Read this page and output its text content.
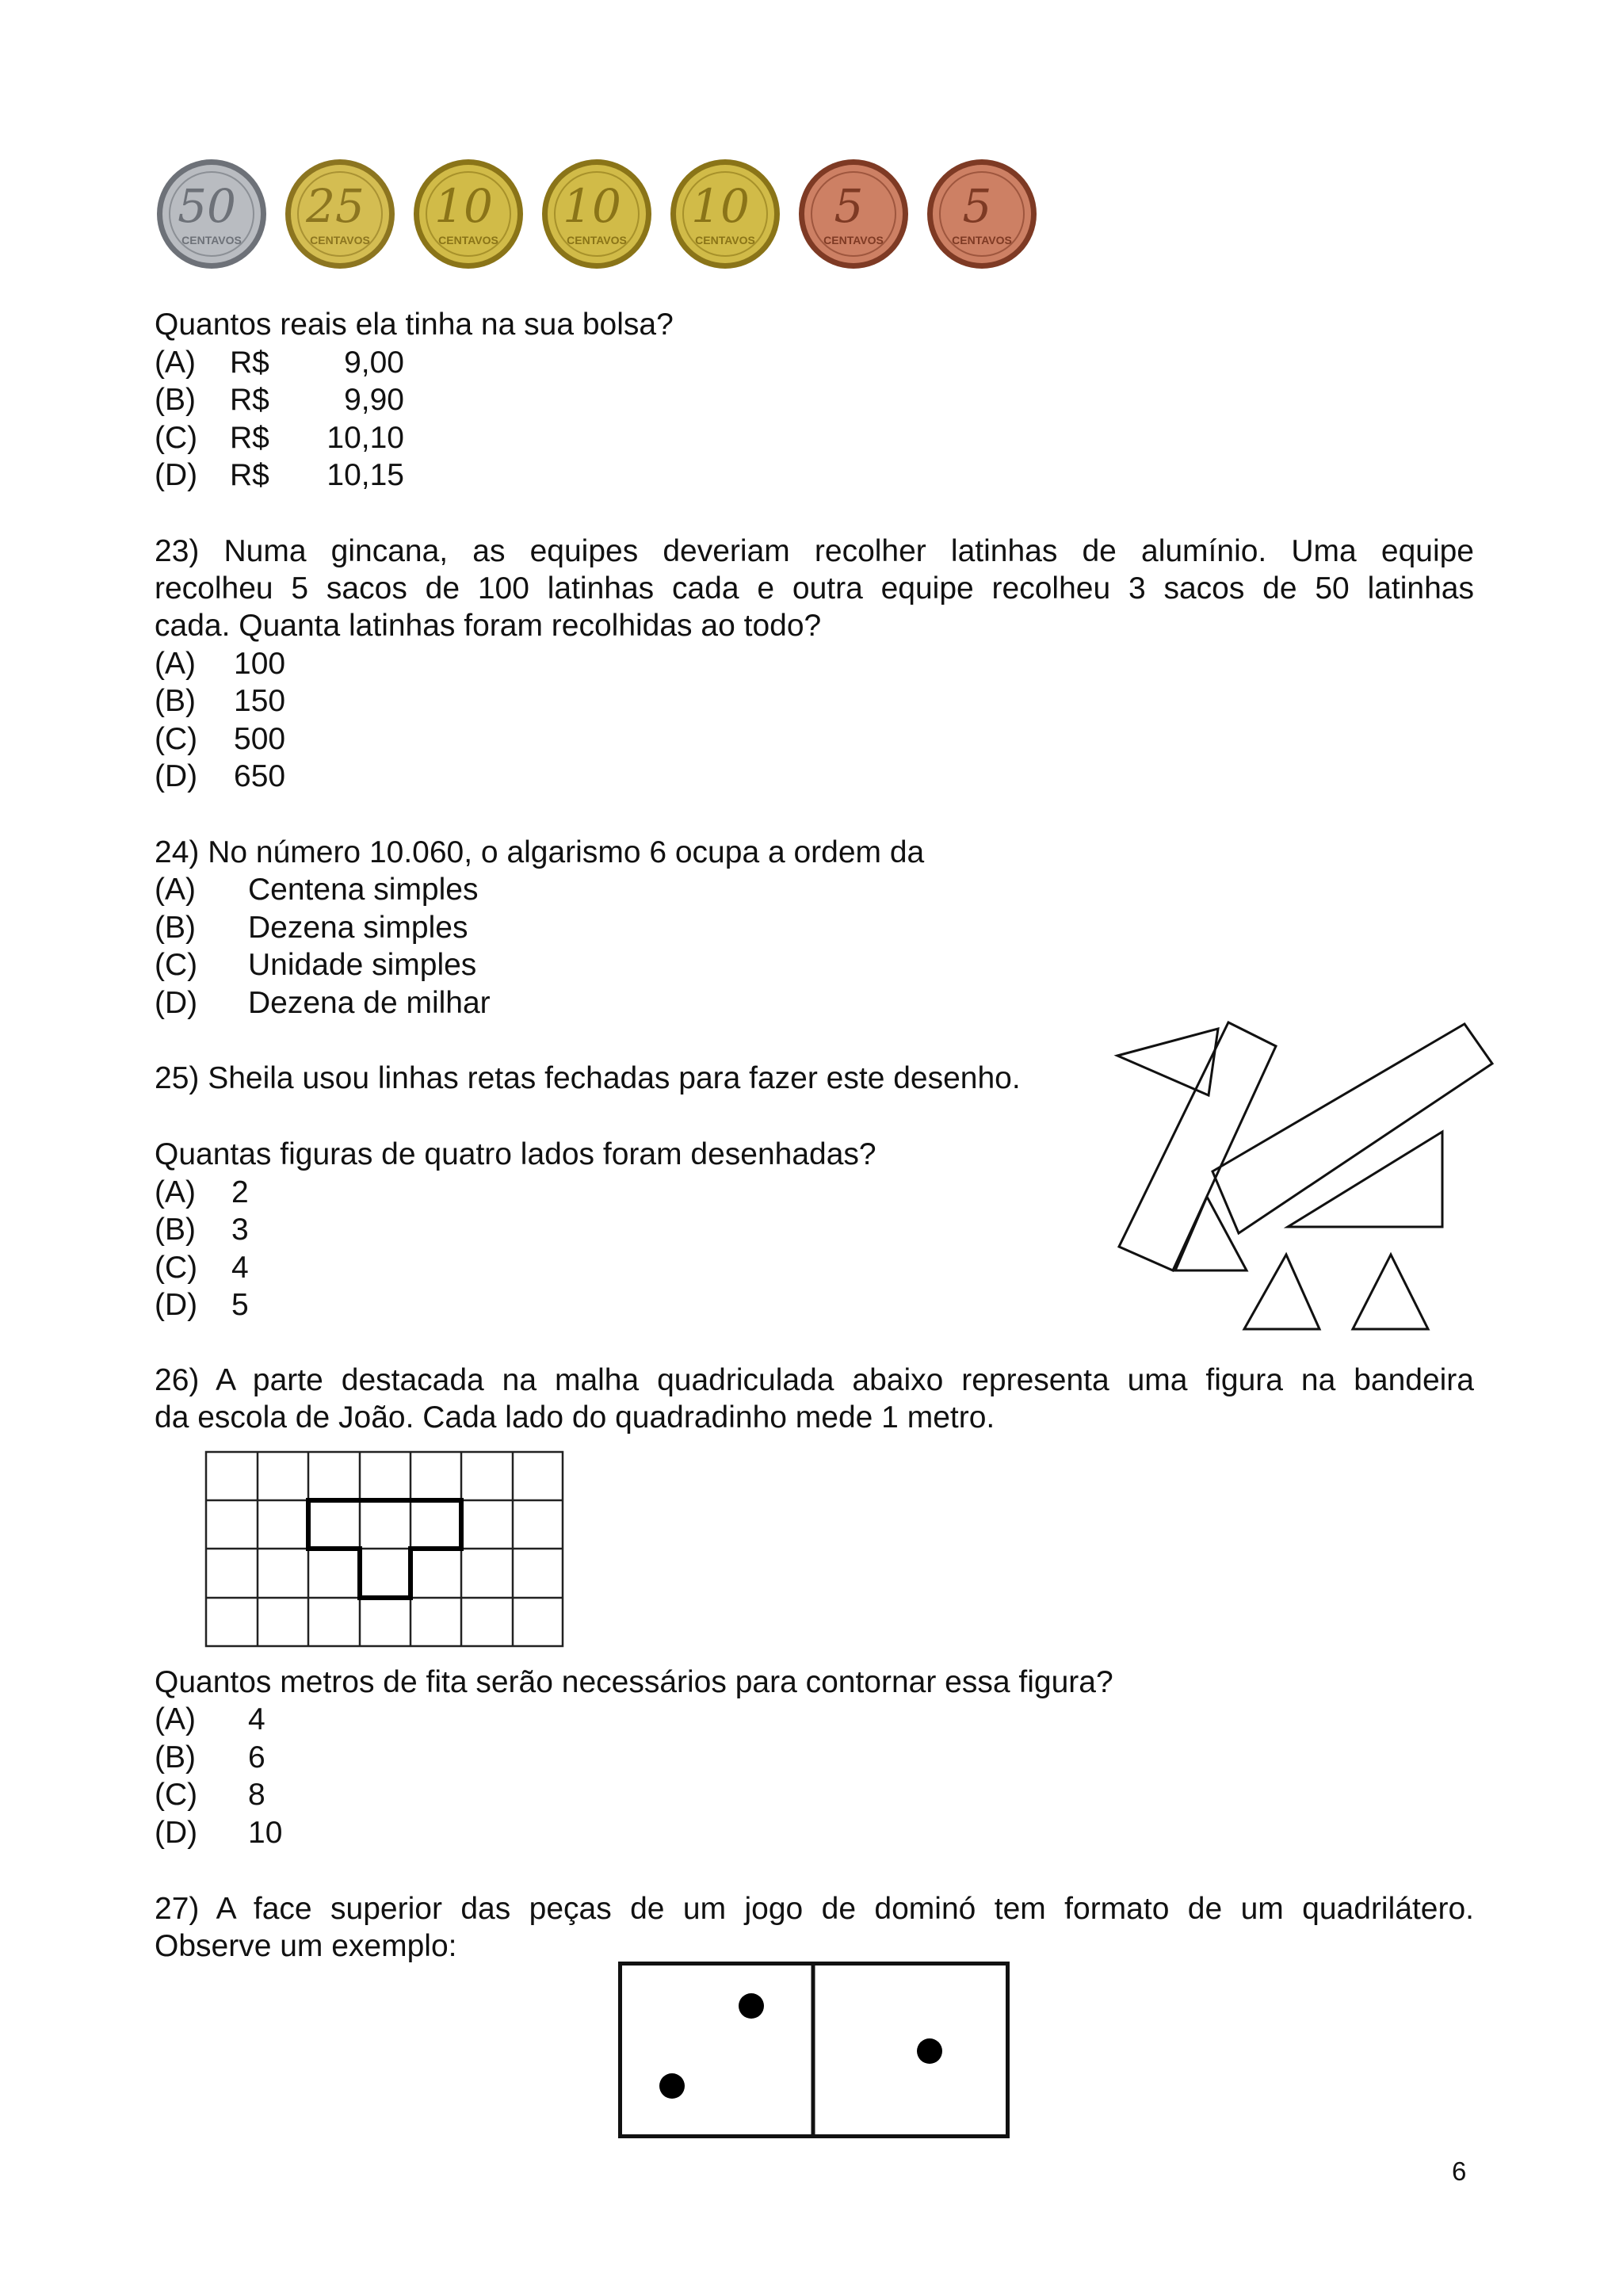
50
CENTAVOS
25
CENTAVOS
10
CENTAVOS
10
CENTAVOS
10
CENTAVOS
5
CENTAVOS
5
CENTAVOS
Quantos reais ela tinha na sua bolsa?
(A) R$	9,00
(B) R$	9,90
(C) R$	10,10
(D) R$	10,15
23) Numa gincana, as equipes deveriam recolher latinhas de alumínio. Uma equipe
recolheu 5 sacos de 100 latinhas cada e outra equipe recolheu 3 sacos de 50 latinhas
cada. Quanta latinhas foram recolhidas ao todo?
(A) 100
(B) 150
(C) 500
(D) 650
24) No número 10.060, o algarismo 6 ocupa a ordem da
(A) Centena simples
(B) Dezena simples
(C) Unidade simples
(D) Dezena de milhar
25) Sheila usou linhas retas fechadas para fazer este desenho.
Quantas figuras de quatro lados foram desenhadas?
(A) 2
(B) 3
(C) 4
(D) 5
26) A parte destacada na malha quadriculada abaixo representa uma figura na bandeira
da escola de João. Cada lado do quadradinho mede 1 metro.
Quantos metros de fita serão necessários para contornar essa figura?
(A) 4
(B) 6
(C) 8
(D) 10
27) A face superior das peças de um jogo de dominó tem formato de um quadrilátero.
Observe um exemplo:
6
